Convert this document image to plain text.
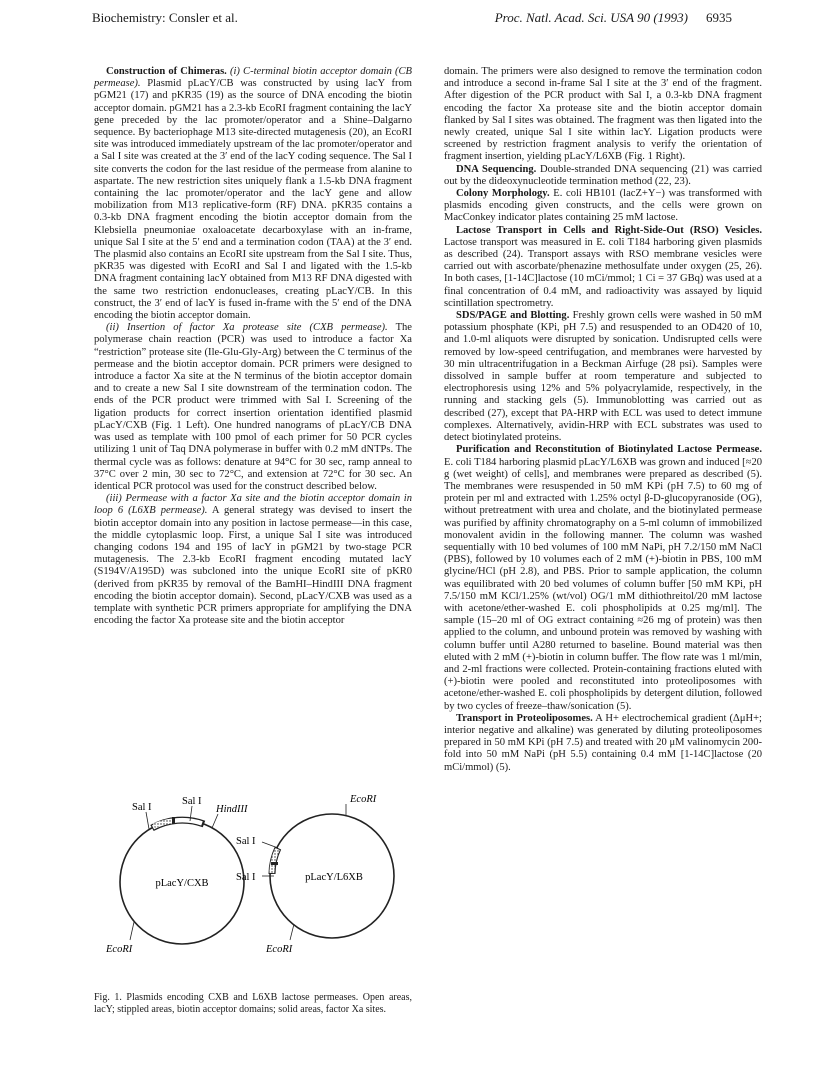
Biochemistry: Consler et al.	Proc. Natl. Acad. Sci. USA 90 (1993) 6935

Construction of Chimeras. (i) C-terminal biotin acceptor domain (CB permease). Plasmid pLacY/CB was constructed by using lacY from pGM21 (17) and pKR35 (19) as the source of DNA encoding the biotin acceptor domain. pGM21 has a 2.3-kb EcoRI fragment containing the lacY gene preceded by the lac promoter/operator and a Shine–Dalgarno sequence. By bacteriophage M13 site-directed mutagenesis (20), an EcoRI site was introduced immediately upstream of the lac promoter/operator and a Sal I site was created at the 3′ end of the lacY coding sequence. The Sal I site converts the codon for the last residue of the permease from alanine to aspartate. The new restriction sites uniquely flank a 1.5-kb DNA fragment containing the lac promoter/operator and the lacY gene and allow mobilization from M13 replicative-form (RF) DNA. pKR35 contains a 0.3-kb DNA fragment encoding the biotin acceptor domain from the Klebsiella pneumoniae oxaloacetate decarboxylase with an in-frame, unique Sal I site at the 5′ end and a termination codon (TAA) at the 3′ end. The plasmid also contains an EcoRI site upstream from the Sal I site. Thus, pKR35 was digested with EcoRI and Sal I and ligated with the 1.5-kb DNA fragment containing lacY obtained from M13 RF DNA digested with the same two restriction endonucleases, creating pLacY/CB. In this construct, the 3′ end of lacY is fused in-frame with the 5′ end of the DNA encoding the biotin acceptor domain.

(ii) Insertion of factor Xa protease site (CXB permease). The polymerase chain reaction (PCR) was used to introduce a factor Xa “restriction” protease site (Ile-Glu-Gly-Arg) between the C terminus of the permease and the biotin acceptor domain. PCR primers were designed to introduce a factor Xa site at the N terminus of the biotin acceptor domain and to create a new Sal I site downstream of the termination codon. The ends of the PCR product were trimmed with Sal I. Screening of the ligation products for correct insertion orientation identified plasmid pLacY/CXB (Fig. 1 Left). One hundred nanograms of pLacY/CB DNA was used as template with 100 pmol of each primer for 50 PCR cycles utilizing 1 unit of Taq DNA polymerase in buffer with 0.2 mM dNTPs. The thermal cycle was as follows: denature at 94°C for 30 sec, ramp anneal to 37°C over 2 min, 30 sec to 72°C, and extension at 72°C for 30 sec. An identical PCR protocol was used for the construct described below.

(iii) Permease with a factor Xa site and the biotin acceptor domain in loop 6 (L6XB permease). A general strategy was devised to insert the biotin acceptor domain into any position in lactose permease—in this case, the middle cytoplasmic loop. First, a unique Sal I site was introduced changing codons 194 and 195 of lacY in pGM21 by two-stage PCR mutagenesis. The 2.3-kb EcoRI fragment encoding mutated lacY (S194V/A195D) was subcloned into the unique EcoRI site of pKR0 (derived from pKR35 by removal of the BamHI–HindIII DNA fragment encoding the biotin acceptor domain). Second, pLacY/CXB was used as a template with synthetic PCR primers appropriate for amplifying the DNA encoding the factor Xa protease site and the biotin acceptor

domain. The primers were also designed to remove the termination codon and introduce a second in-frame Sal I site at the 3′ end of the fragment. After digestion of the PCR product with Sal I, a 0.3-kb DNA fragment encoding the factor Xa protease site and the biotin acceptor domain flanked by Sal I sites was obtained. The fragment was then ligated into the newly created, unique Sal I site within lacY. Ligation products were screened by restriction fragment analysis to verify the orientation of fragment insertion, yielding pLacY/L6XB (Fig. 1 Right).

DNA Sequencing. Double-stranded DNA sequencing (21) was carried out by the dideoxynucleotide termination method (22, 23).

Colony Morphology. E. coli HB101 (lacZ+Y−) was transformed with plasmids encoding given constructs, and the cells were grown on MacConkey indicator plates containing 25 mM lactose.

Lactose Transport in Cells and Right-Side-Out (RSO) Vesicles. Lactose transport was measured in E. coli T184 harboring given plasmids as described (24). Transport assays with RSO membrane vesicles were carried out with ascorbate/phenazine methosulfate under oxygen (25, 26). In both cases, [1-14C]lactose (10 mCi/mmol; 1 Ci = 37 GBq) was used at a final concentration of 0.4 mM, and radioactivity was assayed by liquid scintillation spectrometry.

SDS/PAGE and Blotting. Freshly grown cells were washed in 50 mM potassium phosphate (KPi, pH 7.5) and resuspended to an OD420 of 10, and 1.0-ml aliquots were disrupted by sonication. Undisrupted cells were removed by low-speed centrifugation, and membranes were harvested by 30 min ultracentrifugation in a Beckman Airfuge (28 psi). Samples were dissolved in sample buffer at room temperature and subjected to electrophoresis using 12% and 5% polyacrylamide, respectively, in the running and stacking gels (5). Immunoblotting was carried out as described (27), except that PA-HRP with ECL was used to detect immune complexes. Alternatively, avidin-HRP with ECL substrates was used to detect biotinylated proteins.

Purification and Reconstitution of Biotinylated Lactose Permease. E. coli T184 harboring plasmid pLacY/L6XB was grown and induced [≈20 g (wet weight) of cells], and membranes were prepared as described (5). The membranes were resuspended in 50 mM KPi (pH 7.5) to 60 mg of protein per ml and extracted with 1.25% octyl β-D-glucopyranoside (OG), without pretreatment with urea and cholate, and the biotinylated permease was purified by affinity chromatography on a 5-ml column of immobilized monovalent avidin in the following manner. The column was washed sequentially with 10 bed volumes of 100 mM NaPi, pH 7.2/150 mM NaCl (PBS), followed by 10 volumes each of 2 mM (+)-biotin in PBS, 100 mM glycine/HCl (pH 2.8), and PBS. Prior to sample application, the column was equilibrated with 20 bed volumes of column buffer [50 mM KPi, pH 7.5/150 mM KCl/1.25% (wt/vol) OG/1 mM dithiothreitol/20 mM lactose with acetone/ether-washed E. coli phospholipids at 0.25 mg/ml]. The sample (15–20 ml of OG extract containing ≈26 mg of protein) was then applied to the column, and unbound protein was removed by washing with column buffer until A280 returned to baseline. Bound material was then eluted with 2 mM (+)-biotin in column buffer. The flow rate was 1 ml/min, and 2-ml fractions were collected. Protein-containing fractions eluted with (+)-biotin were pooled and reconstituted into proteoliposomes with acetone/ether-washed E. coli phospholipids by detergent dilution, followed by two cycles of freeze–thaw/sonication (5).

Transport in Proteoliposomes. A H+ electrochemical gradient (ΔμH+; interior negative and alkaline) was generated by diluting proteoliposomes prepared in 50 mM KPi (pH 7.5) and treated with 20 μM valinomycin 200-fold into 50 mM NaPi (pH 5.5) containing 0.4 mM [1-14C]lactose (20 mCi/mmol) (5).

Sal I
Sal I
HindIII
EcoRI
pLacY/CXB
EcoRI
Sal I
Sal I
EcoRI
pLacY/L6XB
Fig. 1. Plasmids encoding CXB and L6XB lactose permeases. Open areas, lacY; stippled areas, biotin acceptor domains; solid areas, factor Xa sites.
